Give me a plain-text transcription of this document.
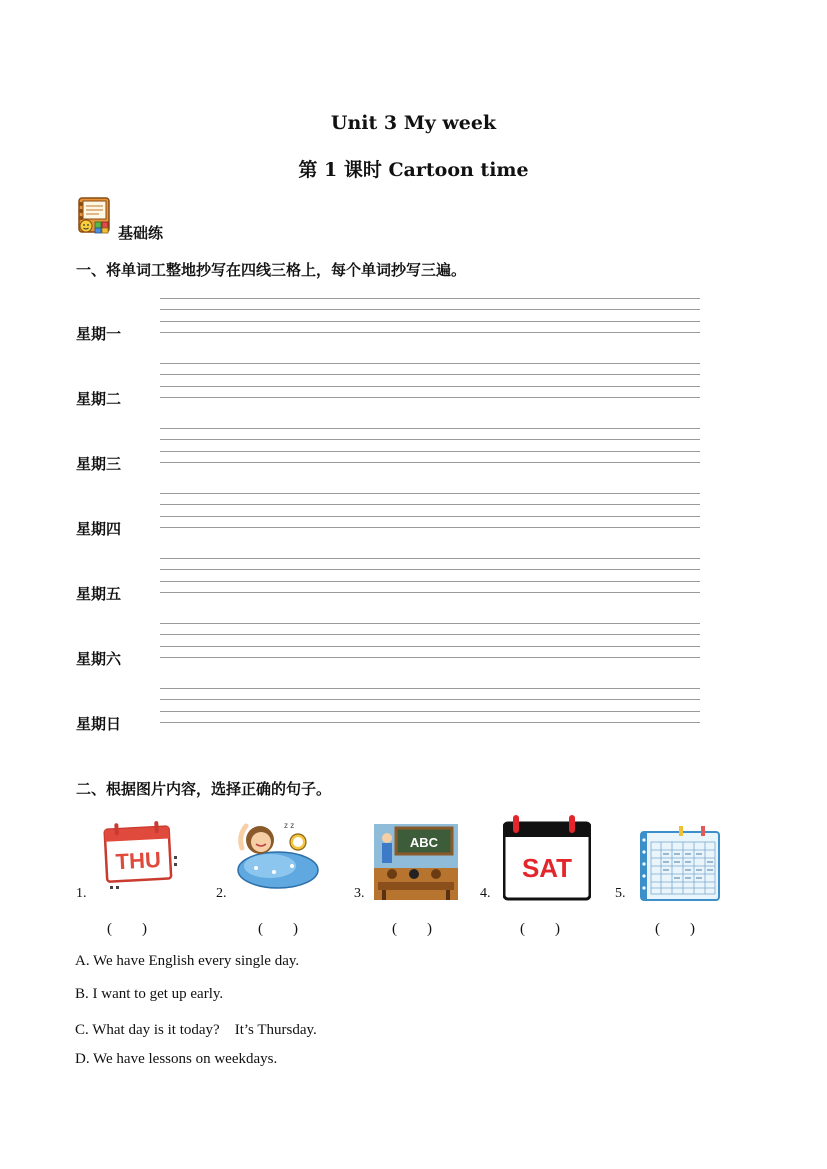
Unit 3 My week
第 1 课时 Cartoon time
基础练
一、将单词工整地抄写在四线三格上，每个单词抄写三遍。
星期一
星期二
星期三
星期四
星期五
星期六
星期日
二、根据图片内容，选择正确的句子。
1.
THU
(　　)
2.
z z
(　　)
3.
ABC
(　　)
4.
SAT
(　　)
5.
(　　)
A. We have English every single day.
B. I want to get up early.
C. What day is it today?　It’s Thursday.
D. We have lessons on weekdays.
